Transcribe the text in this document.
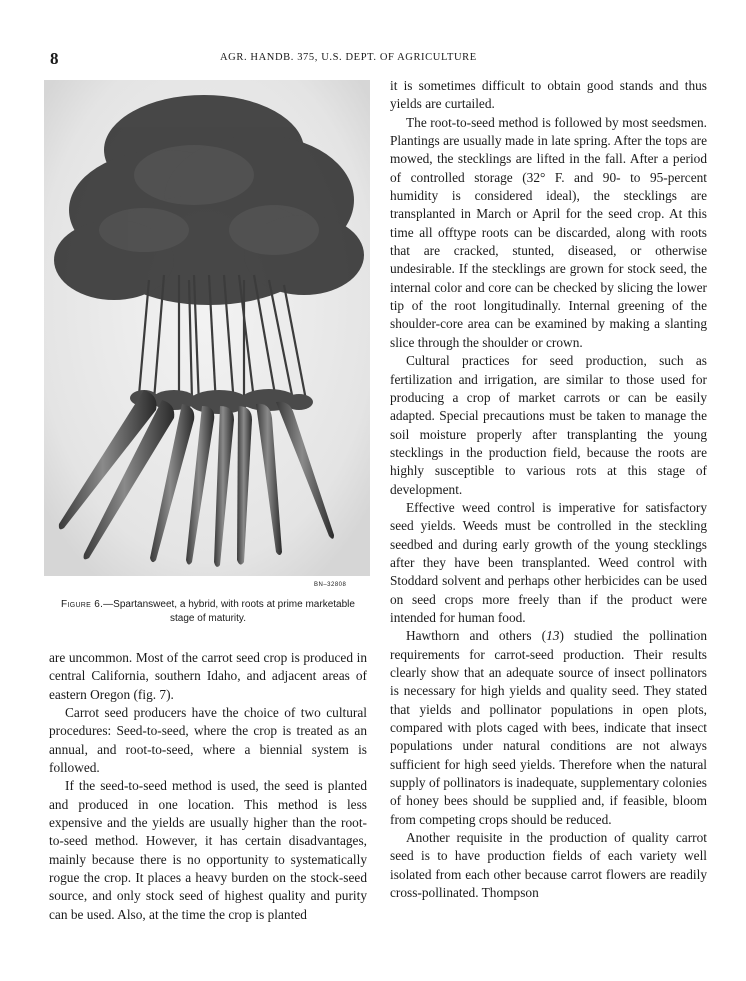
8	AGR. HANDB. 375, U.S. DEPT. OF AGRICULTURE
BN–32808
Figure 6.—Spartansweet, a hybrid, with roots at prime marketable stage of maturity.

are uncommon. Most of the carrot seed crop is produced in central California, southern Idaho, and adjacent areas of eastern Oregon (fig. 7).

Carrot seed producers have the choice of two cultural procedures: Seed-to-seed, where the crop is treated as an annual, and root-to-seed, where a biennial system is followed.

If the seed-to-seed method is used, the seed is planted and produced in one location. This method is less expensive and the yields are usually higher than the root-to-seed method. However, it has certain disadvantages, mainly because there is no opportunity to systematically rogue the crop. It places a heavy burden on the stock-seed source, and only stock seed of highest quality and purity can be used. Also, at the time the crop is planted

it is sometimes difficult to obtain good stands and thus yields are curtailed.

The root-to-seed method is followed by most seedsmen. Plantings are usually made in late spring. After the tops are mowed, the stecklings are lifted in the fall. After a period of controlled storage (32° F. and 90- to 95-percent humidity is considered ideal), the stecklings are transplanted in March or April for the seed crop. At this time all offtype roots can be discarded, along with roots that are cracked, stunted, diseased, or otherwise undesirable. If the stecklings are grown for stock seed, the internal color and core can be checked by slicing the lower tip of the root longitudinally. Internal greening of the shoulder-core area can be examined by making a slanting slice through the shoulder or crown.

Cultural practices for seed production, such as fertilization and irrigation, are similar to those used for producing a crop of market carrots or can be easily adapted. Special precautions must be taken to manage the soil moisture properly after transplanting the young stecklings in the production field, because the roots are highly susceptible to various rots at this stage of development.

Effective weed control is imperative for satisfactory seed yields. Weeds must be controlled in the steckling seedbed and during early growth of the young stecklings after they have been transplanted. Weed control with Stoddard solvent and perhaps other herbicides can be used on seed crops more freely than if the product were intended for human food.

Hawthorn and others (13) studied the pollination requirements for carrot-seed production. Their results clearly show that an adequate source of insect pollinators is necessary for high yields and quality seed. They stated that yields and pollinator populations in open plots, compared with plots caged with bees, indicate that insect populations under natural conditions are not always sufficient for high seed yields. Therefore when the natural supply of pollinators is inadequate, supplementary colonies of honey bees should be supplied and, if feasible, bloom from competing crops should be reduced.

Another requisite in the production of quality carrot seed is to have production fields of each variety well isolated from each other because carrot flowers are readily cross-pollinated. Thompson
